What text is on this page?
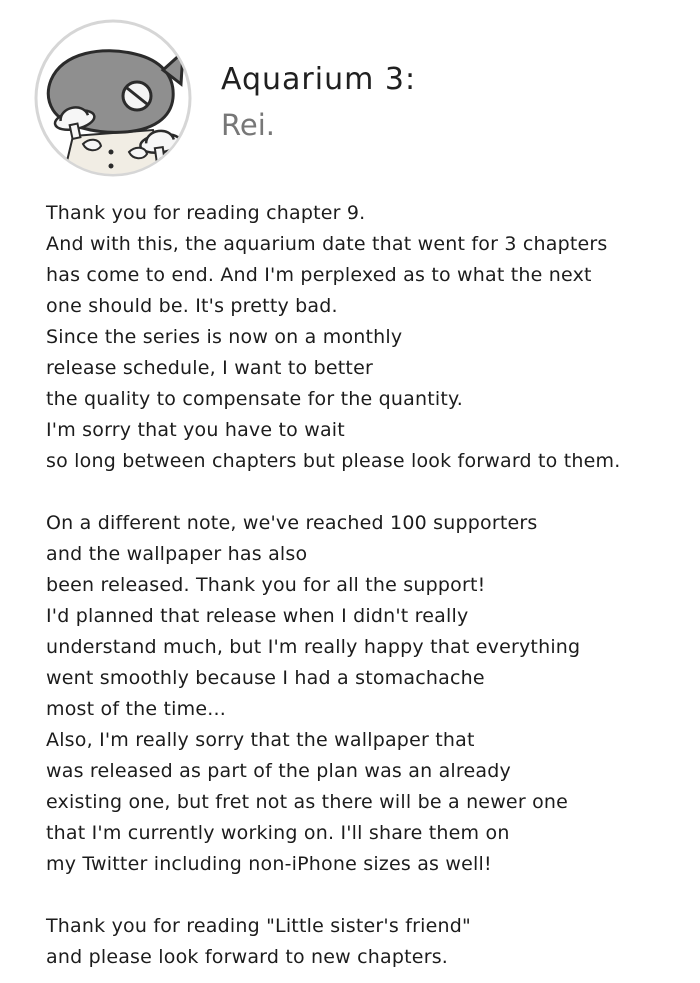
Aquarium 3:
Rei.
Thank you for reading chapter 9.
And with this, the aquarium date that went for 3 chapters
has come to end. And I'm perplexed as to what the next
one should be. It's pretty bad.
Since the series is now on a monthly
release schedule, I want to better
the quality to compensate for the quantity.
I'm sorry that you have to wait
so long between chapters but please look forward to them.
On a different note, we've reached 100 supporters
and the wallpaper has also
been released. Thank you for all the support!
I'd planned that release when I didn't really
understand much, but I'm really happy that everything
went smoothly because I had a stomachache
most of the time...
Also, I'm really sorry that the wallpaper that
was released as part of the plan was an already
existing one, but fret not as there will be a newer one
that I'm currently working on. I'll share them on
my Twitter including non-iPhone sizes as well!
Thank you for reading "Little sister's friend"
and please look forward to new chapters.
